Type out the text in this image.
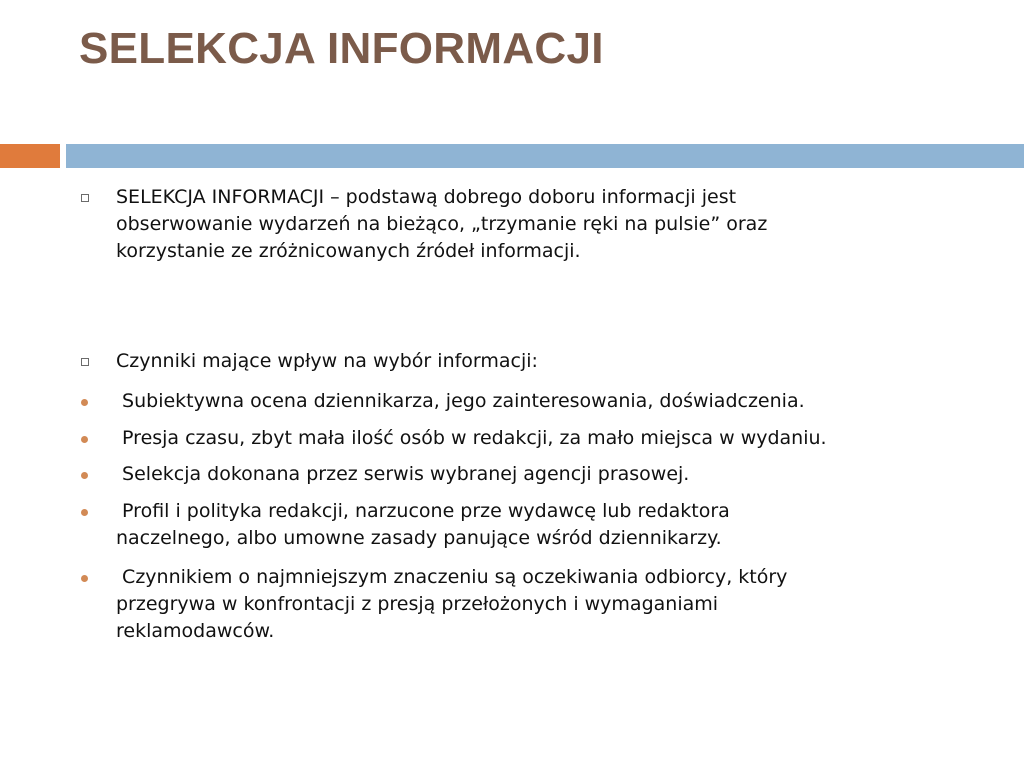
SELEKCJA INFORMACJI

SELEKCJA INFORMACJI – podstawą dobrego doboru informacji jest
obserwowanie wydarzeń na bieżąco, „trzymanie ręki na pulsie” oraz
korzystanie ze zróżnicowanych źródeł informacji.

Czynniki mające wpływ na wybór informacji:

Subiektywna ocena dziennikarza, jego zainteresowania, doświadczenia.

Presja czasu, zbyt mała ilość osób w redakcji, za mało miejsca w wydaniu.

Selekcja dokonana przez serwis wybranej agencji prasowej.

Profil i polityka redakcji, narzucone prze wydawcę lub redaktora
naczelnego, albo umowne zasady panujące wśród dziennikarzy.

Czynnikiem o najmniejszym znaczeniu są oczekiwania odbiorcy, który
przegrywa w konfrontacji z presją przełożonych i wymaganiami
reklamodawców.
